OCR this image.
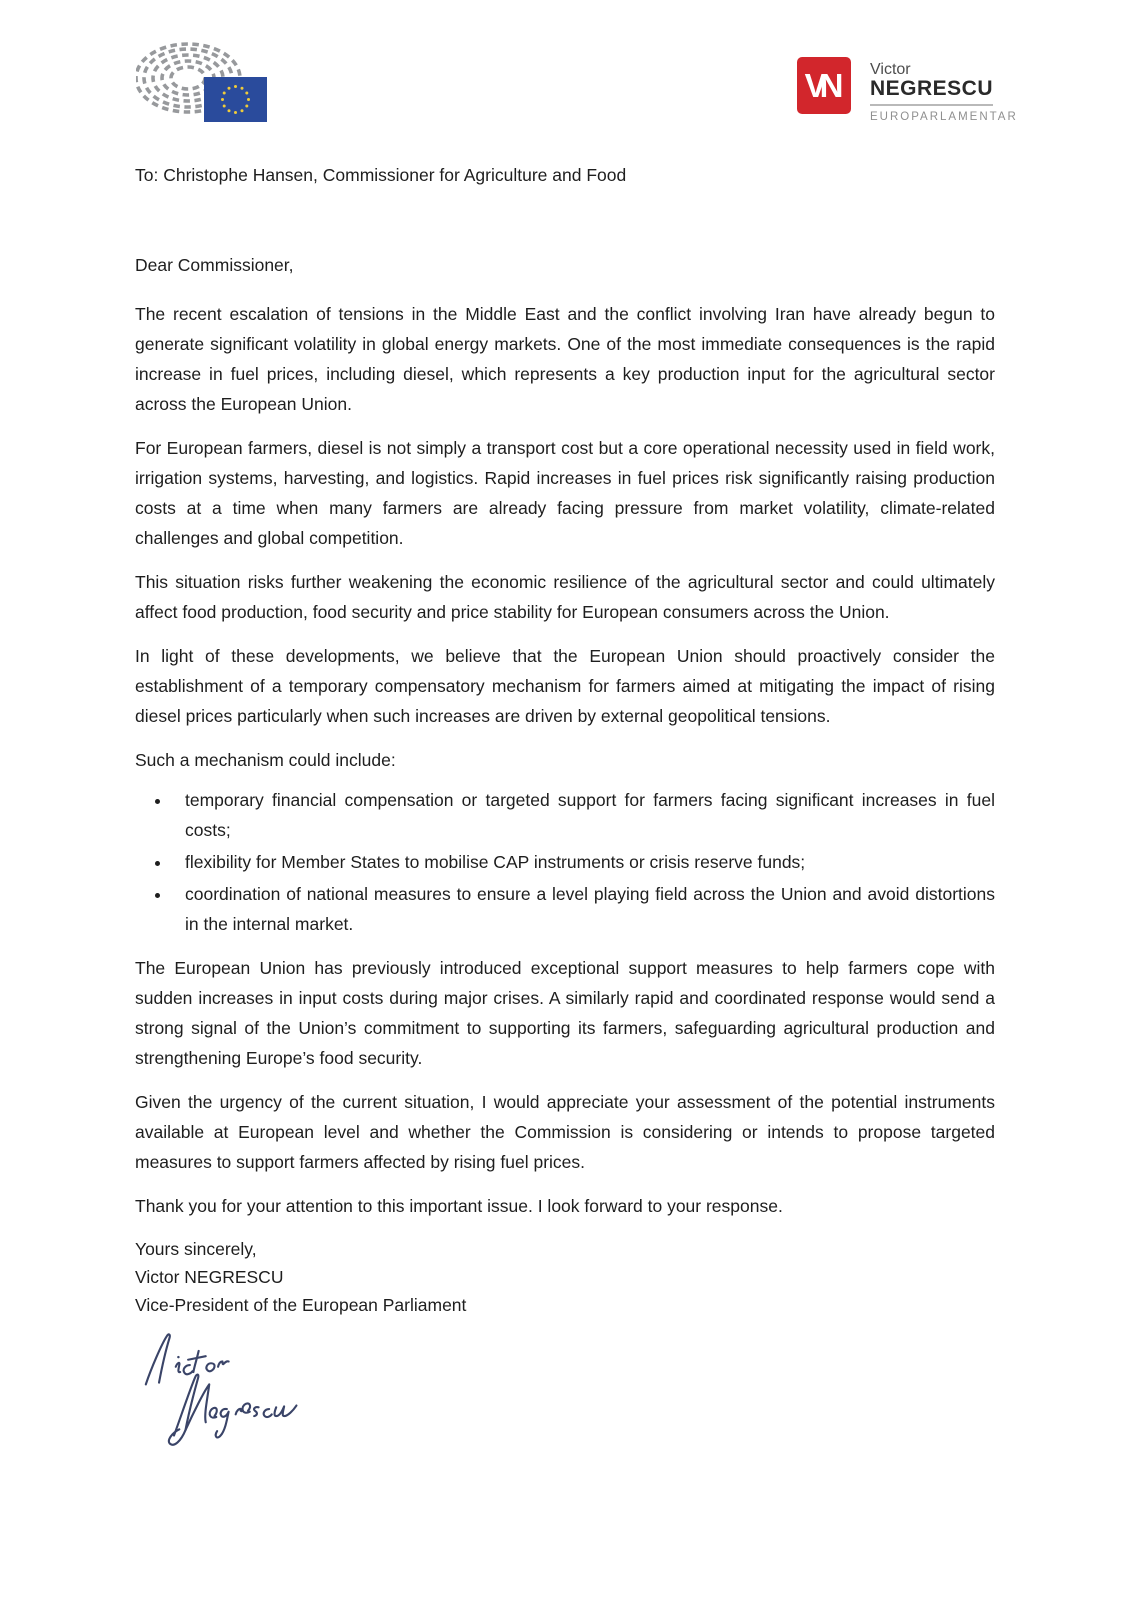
VN	Victor
NEGRESCU
EUROPARLAMENTAR

To: Christophe Hansen, Commissioner for Agriculture and Food

Dear Commissioner,

The recent escalation of tensions in the Middle East and the conflict involving Iran have already begun to generate significant volatility in global energy markets. One of the most immediate consequences is the rapid increase in fuel prices, including diesel, which represents a key production input for the agricultural sector across the European Union.

For European farmers, diesel is not simply a transport cost but a core operational necessity used in field work, irrigation systems, harvesting, and logistics. Rapid increases in fuel prices risk significantly raising production costs at a time when many farmers are already facing pressure from market volatility, climate-related challenges and global competition.

This situation risks further weakening the economic resilience of the agricultural sector and could ultimately affect food production, food security and price stability for European consumers across the Union.

In light of these developments, we believe that the European Union should proactively consider the establishment of a temporary compensatory mechanism for farmers aimed at mitigating the impact of rising diesel prices particularly when such increases are driven by external geopolitical tensions.

Such a mechanism could include:

• temporary financial compensation or targeted support for farmers facing significant increases in fuel costs;
• flexibility for Member States to mobilise CAP instruments or crisis reserve funds;
• coordination of national measures to ensure a level playing field across the Union and avoid distortions in the internal market.

The European Union has previously introduced exceptional support measures to help farmers cope with sudden increases in input costs during major crises. A similarly rapid and coordinated response would send a strong signal of the Union’s commitment to supporting its farmers, safeguarding agricultural production and strengthening Europe’s food security.

Given the urgency of the current situation, I would appreciate your assessment of the potential instruments available at European level and whether the Commission is considering or intends to propose targeted measures to support farmers affected by rising fuel prices.

Thank you for your attention to this important issue. I look forward to your response.

Yours sincerely,
Victor NEGRESCU
Vice-President of the European Parliament
